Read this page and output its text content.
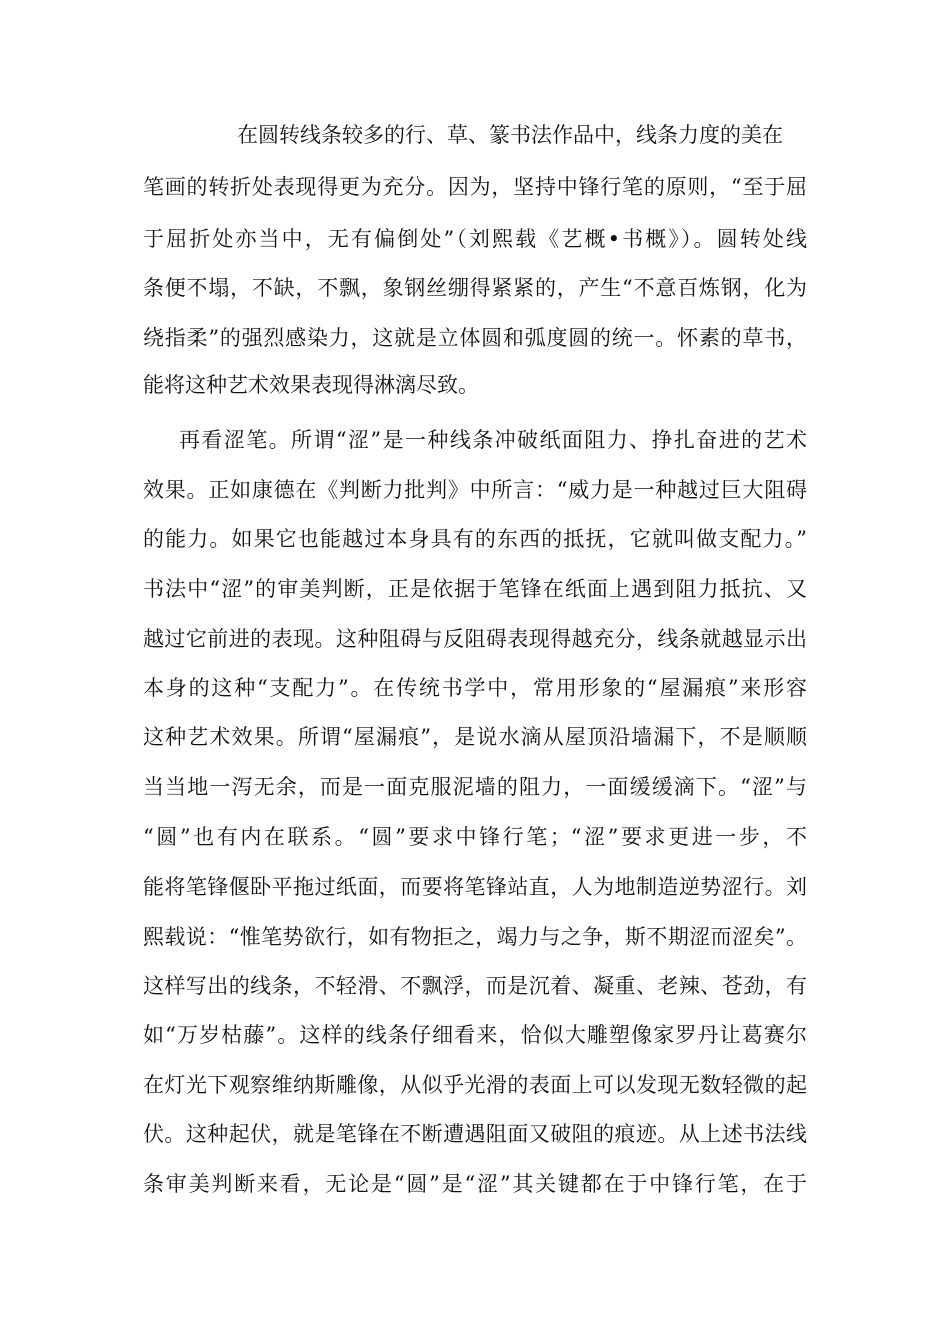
在圆转线条较多的行、草、篆书法作品中，线条力度的美在
笔画的转折处表现得更为充分。因为，坚持中锋行笔的原则，“至于屈
于屈折处亦当中，无有偏倒处”（刘熙载《艺概•书概》）。圆转处线
条便不塌，不缺，不飘，象钢丝绷得紧紧的，产生“不意百炼钢，化为
绕指柔”的强烈感染力，这就是立体圆和弧度圆的统一。怀素的草书，
能将这种艺术效果表现得淋漓尽致。
再看涩笔。所谓“涩”是一种线条冲破纸面阻力、挣扎奋进的艺术
效果。正如康德在《判断力批判》中所言：“威力是一种越过巨大阻碍
的能力。如果它也能越过本身具有的东西的抵抚，它就叫做支配力。”
书法中“涩”的审美判断，正是依据于笔锋在纸面上遇到阻力抵抗、又
越过它前进的表现。这种阻碍与反阻碍表现得越充分，线条就越显示出
本身的这种“支配力”。在传统书学中，常用形象的“屋漏痕”来形容
这种艺术效果。所谓“屋漏痕”，是说水滴从屋顶沿墙漏下，不是顺顺
当当地一泻无余，而是一面克服泥墙的阻力，一面缓缓滴下。“涩”与
“圆”也有内在联系。“圆”要求中锋行笔；“涩”要求更进一步，不
能将笔锋偃卧平拖过纸面，而要将笔锋站直，人为地制造逆势涩行。刘
熙载说：“惟笔势欲行，如有物拒之，竭力与之争，斯不期涩而涩矣”。
这样写出的线条，不轻滑、不飘浮，而是沉着、凝重、老辣、苍劲，有
如“万岁枯藤”。这样的线条仔细看来，恰似大雕塑像家罗丹让葛赛尔
在灯光下观察维纳斯雕像，从似乎光滑的表面上可以发现无数轻微的起
伏。这种起伏，就是笔锋在不断遭遇阻面又破阻的痕迹。从上述书法线
条审美判断来看，无论是“圆”是“涩”其关键都在于中锋行笔，在于
